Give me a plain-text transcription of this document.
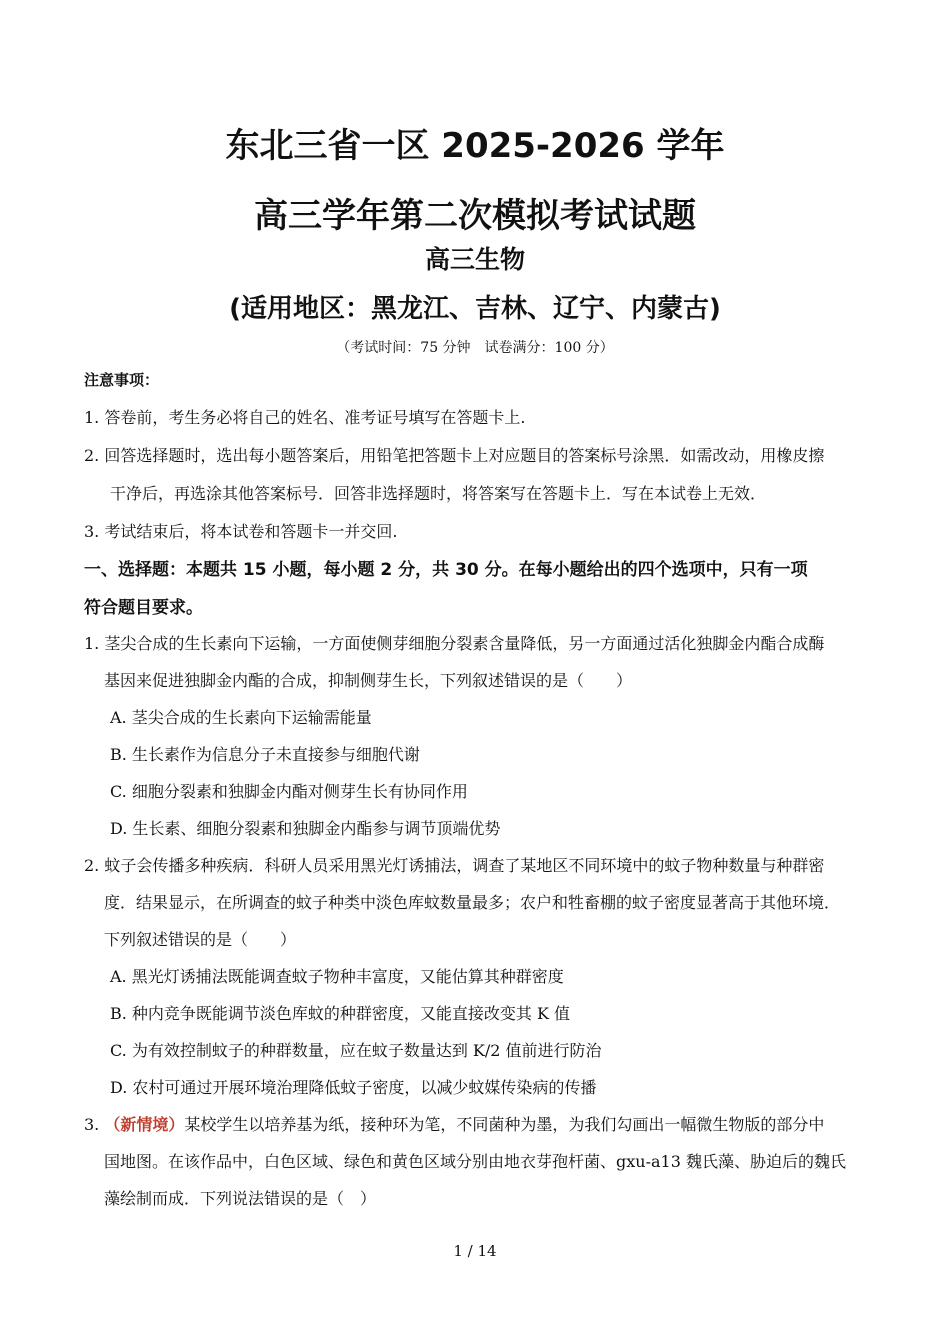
东北三省一区 2025-2026 学年
高三学年第二次模拟考试试题
高三生物
(适用地区：黑龙江、吉林、辽宁、内蒙古)
（考试时间：75 分钟　试卷满分：100 分）
注意事项：
1. 答卷前，考生务必将自己的姓名、准考证号填写在答题卡上.
2. 回答选择题时，选出每小题答案后，用铅笔把答题卡上对应题目的答案标号涂黑．如需改动，用橡皮擦
干净后，再选涂其他答案标号．回答非选择题时，将答案写在答题卡上．写在本试卷上无效．
3. 考试结束后，将本试卷和答题卡一并交回.
一、选择题：本题共 15 小题，每小题 2 分，共 30 分。在每小题给出的四个选项中，只有一项
符合题目要求。
1. 茎尖合成的生长素向下运输，一方面使侧芽细胞分裂素含量降低，另一方面通过活化独脚金内酯合成酶
基因来促进独脚金内酯的合成，抑制侧芽生长，下列叙述错误的是（　　）
A. 茎尖合成的生长素向下运输需能量
B. 生长素作为信息分子未直接参与细胞代谢
C. 细胞分裂素和独脚金内酯对侧芽生长有协同作用
D. 生长素、细胞分裂素和独脚金内酯参与调节顶端优势
2. 蚊子会传播多种疾病．科研人员采用黑光灯诱捕法，调查了某地区不同环境中的蚊子物种数量与种群密
度．结果显示，在所调查的蚊子种类中淡色库蚊数量最多；农户和牲畜棚的蚊子密度显著高于其他环境．
下列叙述错误的是（　　）
A. 黑光灯诱捕法既能调查蚊子物种丰富度，又能估算其种群密度
B. 种内竞争既能调节淡色库蚊的种群密度，又能直接改变其 K 值
C. 为有效控制蚊子的种群数量，应在蚊子数量达到 K/2 值前进行防治
D. 农村可通过开展环境治理降低蚊子密度，以减少蚊媒传染病的传播
3. （新情境）某校学生以培养基为纸，接种环为笔，不同菌种为墨，为我们勾画出一幅微生物版的部分中
国地图。在该作品中，白色区域、绿色和黄色区域分别由地衣芽孢杆菌、gxu-a13 魏氏藻、胁迫后的魏氏
藻绘制而成．下列说法错误的是（　）
1 / 14
